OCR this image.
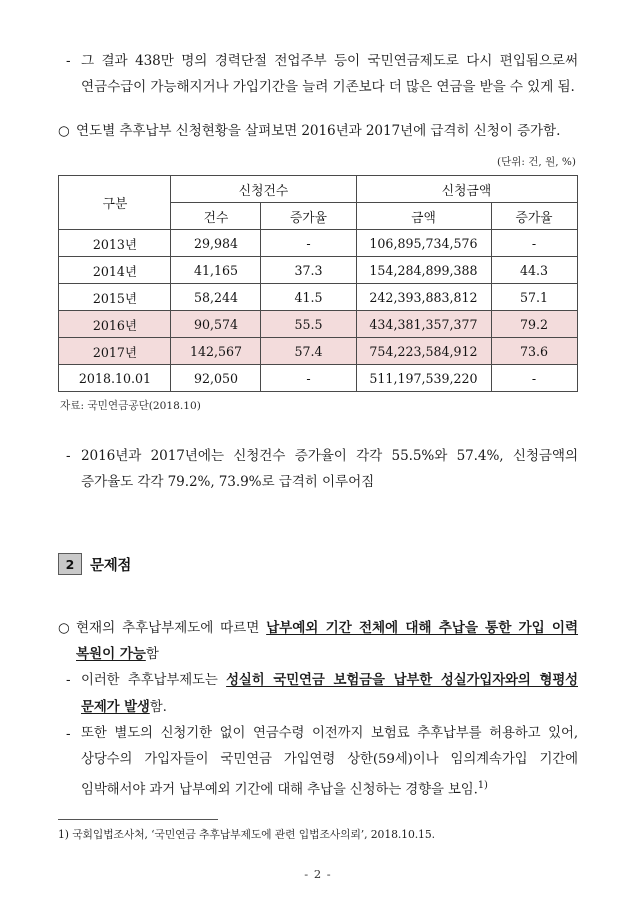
- 그 결과 438만 명의 경력단절 전업주부 등이 국민연금제도로 다시 편입됨으로써 연금수급이 가능해지거나 가입기간을 늘려 기존보다 더 많은 연금을 받을 수 있게 됨.
○ 연도별 추후납부 신청현황을 살펴보면 2016년과 2017년에 급격히 신청이 증가함.
(단위: 건, 원, %)
구분	신청건수		신청금액	
	건수	증가율	금액	증가율
2013년	29,984	-	106,895,734,576	-
2014년	41,165	37.3	154,284,899,388	44.3
2015년	58,244	41.5	242,393,883,812	57.1
2016년	90,574	55.5	434,381,357,377	79.2
2017년	142,567	57.4	754,223,584,912	73.6
2018.10.01	92,050	-	511,197,539,220	-
자료: 국민연금공단(2018.10)
- 2016년과 2017년에는 신청건수 증가율이 각각 55.5%와 57.4%, 신청금액의 증가율도 각각 79.2%, 73.9%로 급격히 이루어짐
2	문제점
○ 현재의 추후납부제도에 따르면 납부예외 기간 전체에 대해 추납을 통한 가입 이력 복원이 가능함
- 이러한 추후납부제도는 성실히 국민연금 보험금을 납부한 성실가입자와의 형평성 문제가 발생함.
- 또한 별도의 신청기한 없이 연금수령 이전까지 보험료 추후납부를 허용하고 있어, 상당수의 가입자들이 국민연금 가입연령 상한(59세)이나 임의계속가입 기간에 임박해서야 과거 납부예외 기간에 대해 추납을 신청하는 경향을 보임.$^{1)}$
1) 국회입법조사처, ‘국민연금 추후납부제도에 관련 입법조사의뢰’, 2018.10.15.
- 2 -
